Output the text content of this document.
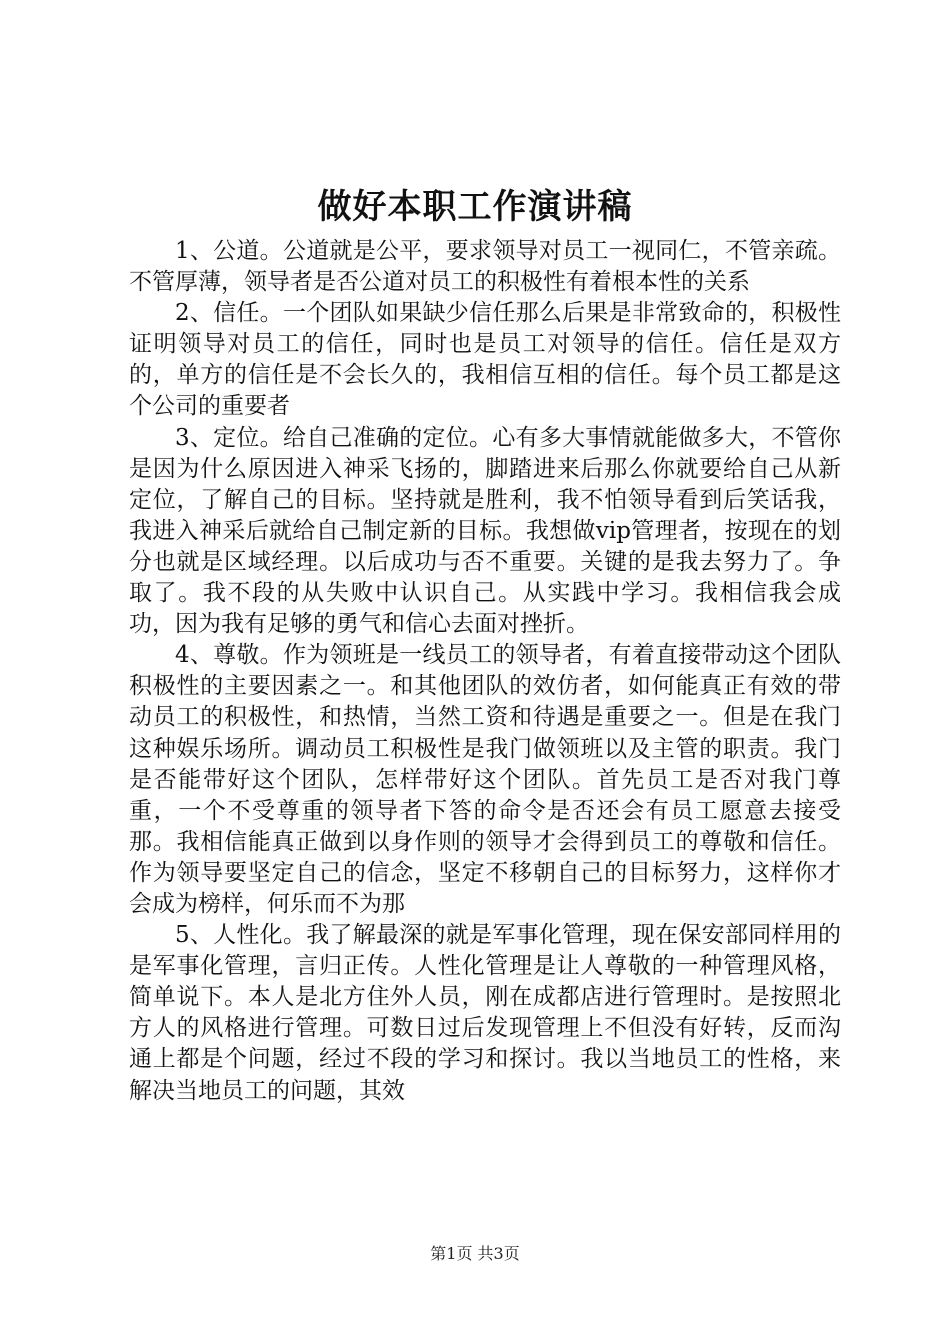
做好本职工作演讲稿

1、公道。公道就是公平，要求领导对员工一视同仁，不管亲疏。不管厚薄，领导者是否公道对员工的积极性有着根本性的关系

2、信任。一个团队如果缺少信任那么后果是非常致命的，积极性证明领导对员工的信任，同时也是员工对领导的信任。信任是双方的，单方的信任是不会长久的，我相信互相的信任。每个员工都是这个公司的重要者

3、定位。给自己准确的定位。心有多大事情就能做多大，不管你是因为什么原因进入神采飞扬的，脚踏进来后那么你就要给自己从新定位，了解自己的目标。坚持就是胜利，我不怕领导看到后笑话我，我进入神采后就给自己制定新的目标。我想做vip管理者，按现在的划分也就是区域经理。以后成功与否不重要。关键的是我去努力了。争取了。我不段的从失败中认识自己。从实践中学习。我相信我会成功，因为我有足够的勇气和信心去面对挫折。

4、尊敬。作为领班是一线员工的领导者，有着直接带动这个团队积极性的主要因素之一。和其他团队的效仿者，如何能真正有效的带动员工的积极性，和热情，当然工资和待遇是重要之一。但是在我门这种娱乐场所。调动员工积极性是我门做领班以及主管的职责。我门是否能带好这个团队，怎样带好这个团队。首先员工是否对我门尊重，一个不受尊重的领导者下答的命令是否还会有员工愿意去接受那。我相信能真正做到以身作则的领导才会得到员工的尊敬和信任。作为领导要坚定自己的信念，坚定不移朝自己的目标努力，这样你才会成为榜样，何乐而不为那

5、人性化。我了解最深的就是军事化管理，现在保安部同样用的是军事化管理，言归正传。人性化管理是让人尊敬的一种管理风格，简单说下。本人是北方住外人员，刚在成都店进行管理时。是按照北方人的风格进行管理。可数日过后发现管理上不但没有好转，反而沟通上都是个问题，经过不段的学习和探讨。我以当地员工的性格，来解决当地员工的问题，其效

第1页 共3页
